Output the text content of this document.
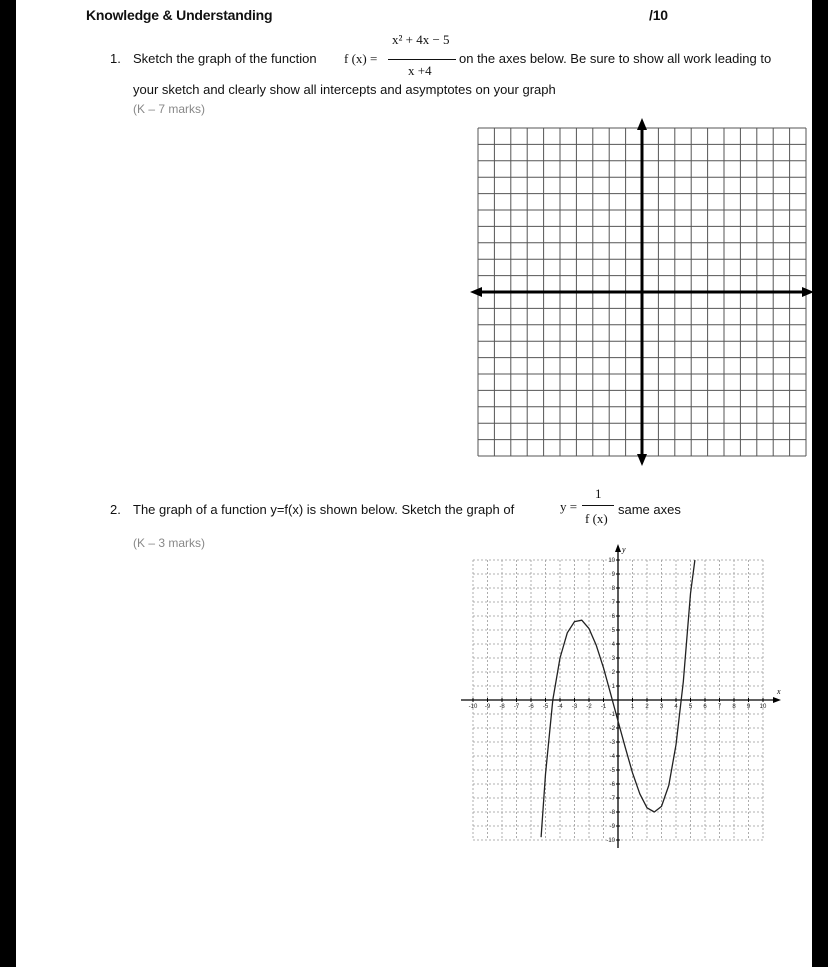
Knowledge & Understanding	/10
1. Sketch the graph of the function f (x) =
x² + 4x − 5
x +4
on the axes below. Be sure to show all work leading to
your sketch and clearly show all intercepts and asymptotes on your graph
(K – 7 marks)
2. The graph of a function y=f(x) is shown below. Sketch the graph of	y =
1
f (x)
same axes
(K – 3 marks)
x
y
-10 -9 -8 -7 -6 -5 -4 -3 -2 -1	1 2 3 4 5 6 7 8 9 10
-10
-9
-8
-7
-6
-5
-4
-3
-2
-1
1
2
3
4
5
6
7
8
9
10
